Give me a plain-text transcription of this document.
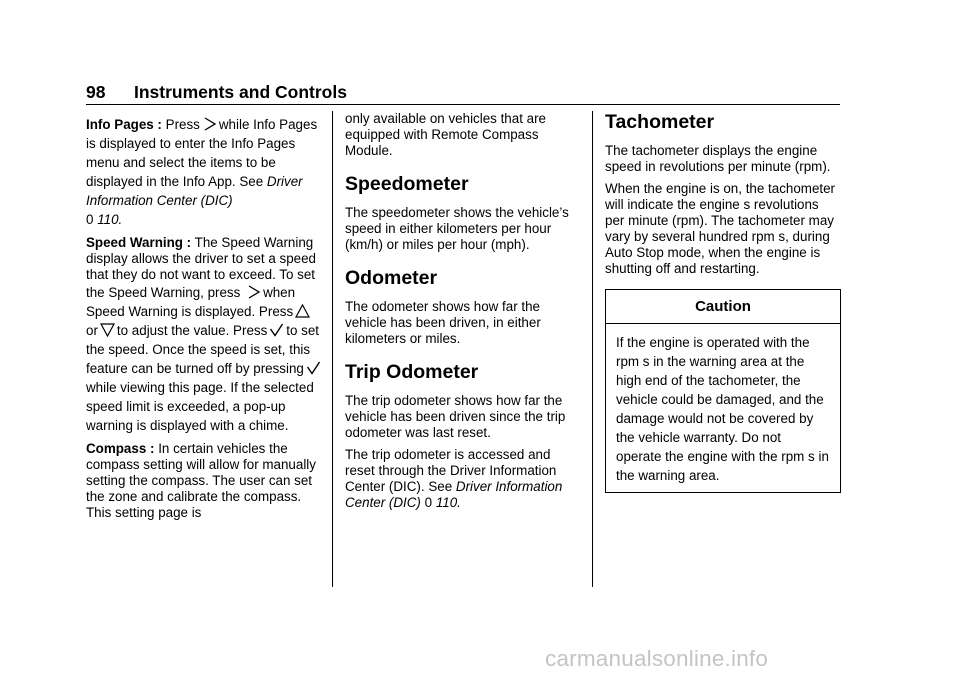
98 Instruments and Controls

Info Pages : Press while Info Pages is displayed to enter the Info Pages menu and select the items to be displayed in the Info App. See Driver Information Center (DIC)
0 110.

Speed Warning : The Speed Warning display allows the driver to set a speed that they do not want to exceed. To set the Speed Warning, press when Speed Warning is displayed. Press
or to adjust the value. Press to set the speed. Once the speed is set, this feature can be turned off by pressing
while viewing this page. If the selected speed limit is exceeded, a pop-up warning is displayed with a chime.

Compass : In certain vehicles the compass setting will allow for manually setting the compass. The user can set the zone and calibrate the compass. This setting page is

only available on vehicles that are equipped with Remote Compass Module.

Speedometer

The speedometer shows the vehicle’s speed in either kilometers per hour (km/h) or miles per hour (mph).

Odometer

The odometer shows how far the vehicle has been driven, in either kilometers or miles.

Trip Odometer

The trip odometer shows how far the vehicle has been driven since the trip odometer was last reset.

The trip odometer is accessed and reset through the Driver Information Center (DIC). See Driver Information Center (DIC) 0 110.

Tachometer

The tachometer displays the engine speed in revolutions per minute (rpm).

When the engine is on, the tachometer will indicate the engine s revolutions per minute (rpm). The tachometer may vary by several hundred rpm s, during Auto Stop mode, when the engine is shutting off and restarting.

Caution
If the engine is operated with the rpm s in the warning area at the high end of the tachometer, the vehicle could be damaged, and the damage would not be covered by the vehicle warranty. Do not operate the engine with the rpm s in the warning area.
carmanualsonline.info
